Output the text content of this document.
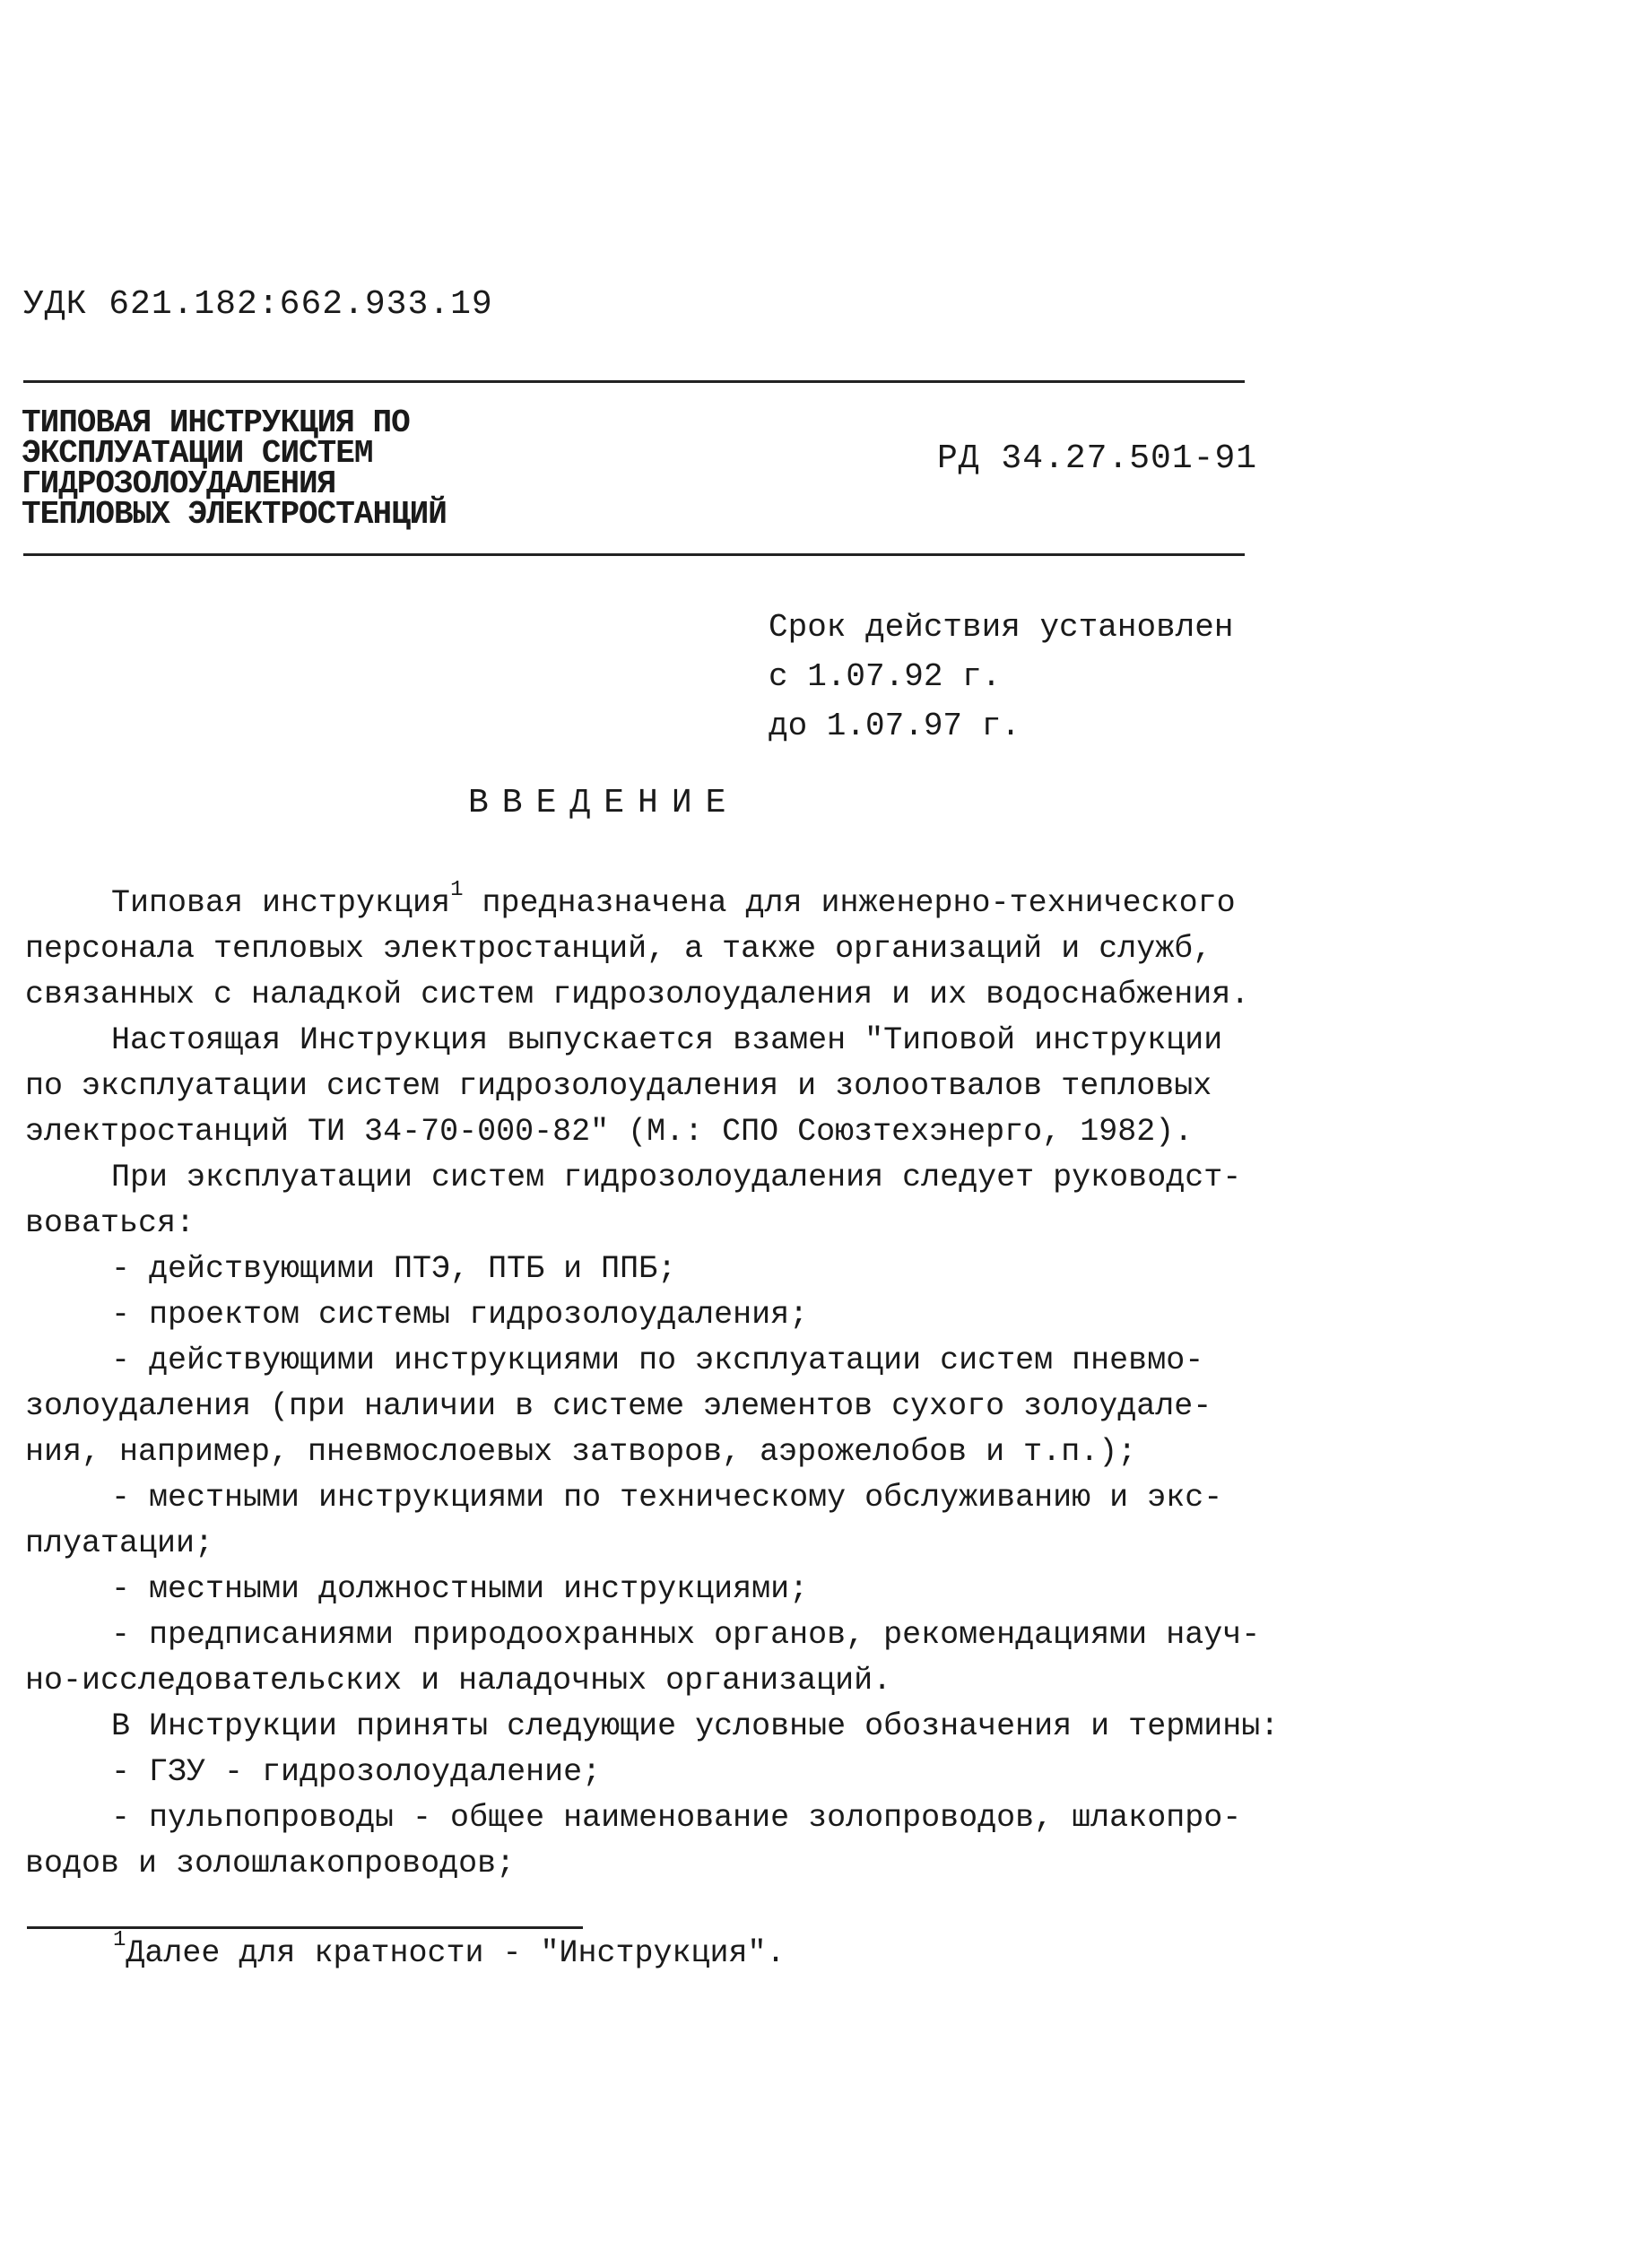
УДК 621.182:662.933.19
ТИПОВАЯ ИНСТРУКЦИЯ ПО
ЭКСПЛУАТАЦИИ СИСТЕМ
ГИДРОЗОЛОУДАЛЕНИЯ
ТЕПЛОВЫХ ЭЛЕКТРОСТАНЦИЙ
РД 34.27.501-91
Срок действия установлен
с 1.07.92 г.
до 1.07.97 г.
ВВЕДЕНИЕ
Типовая инструкция$^1$ предназначена для инженерно-технического
персонала тепловых электростанций, а также организаций и служб,
связанных с наладкой систем гидрозолоудаления и их водоснабжения.
Настоящая Инструкция выпускается взамен "Типовой инструкции
по эксплуатации систем гидрозолоудаления и золоотвалов тепловых
электростанций ТИ 34-70-000-82" (М.: СПО Союзтехэнерго, 1982).
При эксплуатации систем гидрозолоудаления следует руководст-
воваться:
- действующими ПТЭ, ПТБ и ППБ;
- проектом системы гидрозолоудаления;
- действующими инструкциями по эксплуатации систем пневмо-
золоудаления (при наличии в системе элементов сухого золоудале-
ния, например, пневмослоевых затворов, аэрожелобов и т.п.);
- местными инструкциями по техническому обслуживанию и экс-
плуатации;
- местными должностными инструкциями;
- предписаниями природоохранных органов, рекомендациями науч-
но-исследовательских и наладочных организаций.
В Инструкции приняты следующие условные обозначения и термины:
- ГЗУ - гидрозолоудаление;
- пульпопроводы - общее наименование золопроводов, шлакопро-
водов и золошлакопроводов;
$^1$Далее для кратности - "Инструкция".
